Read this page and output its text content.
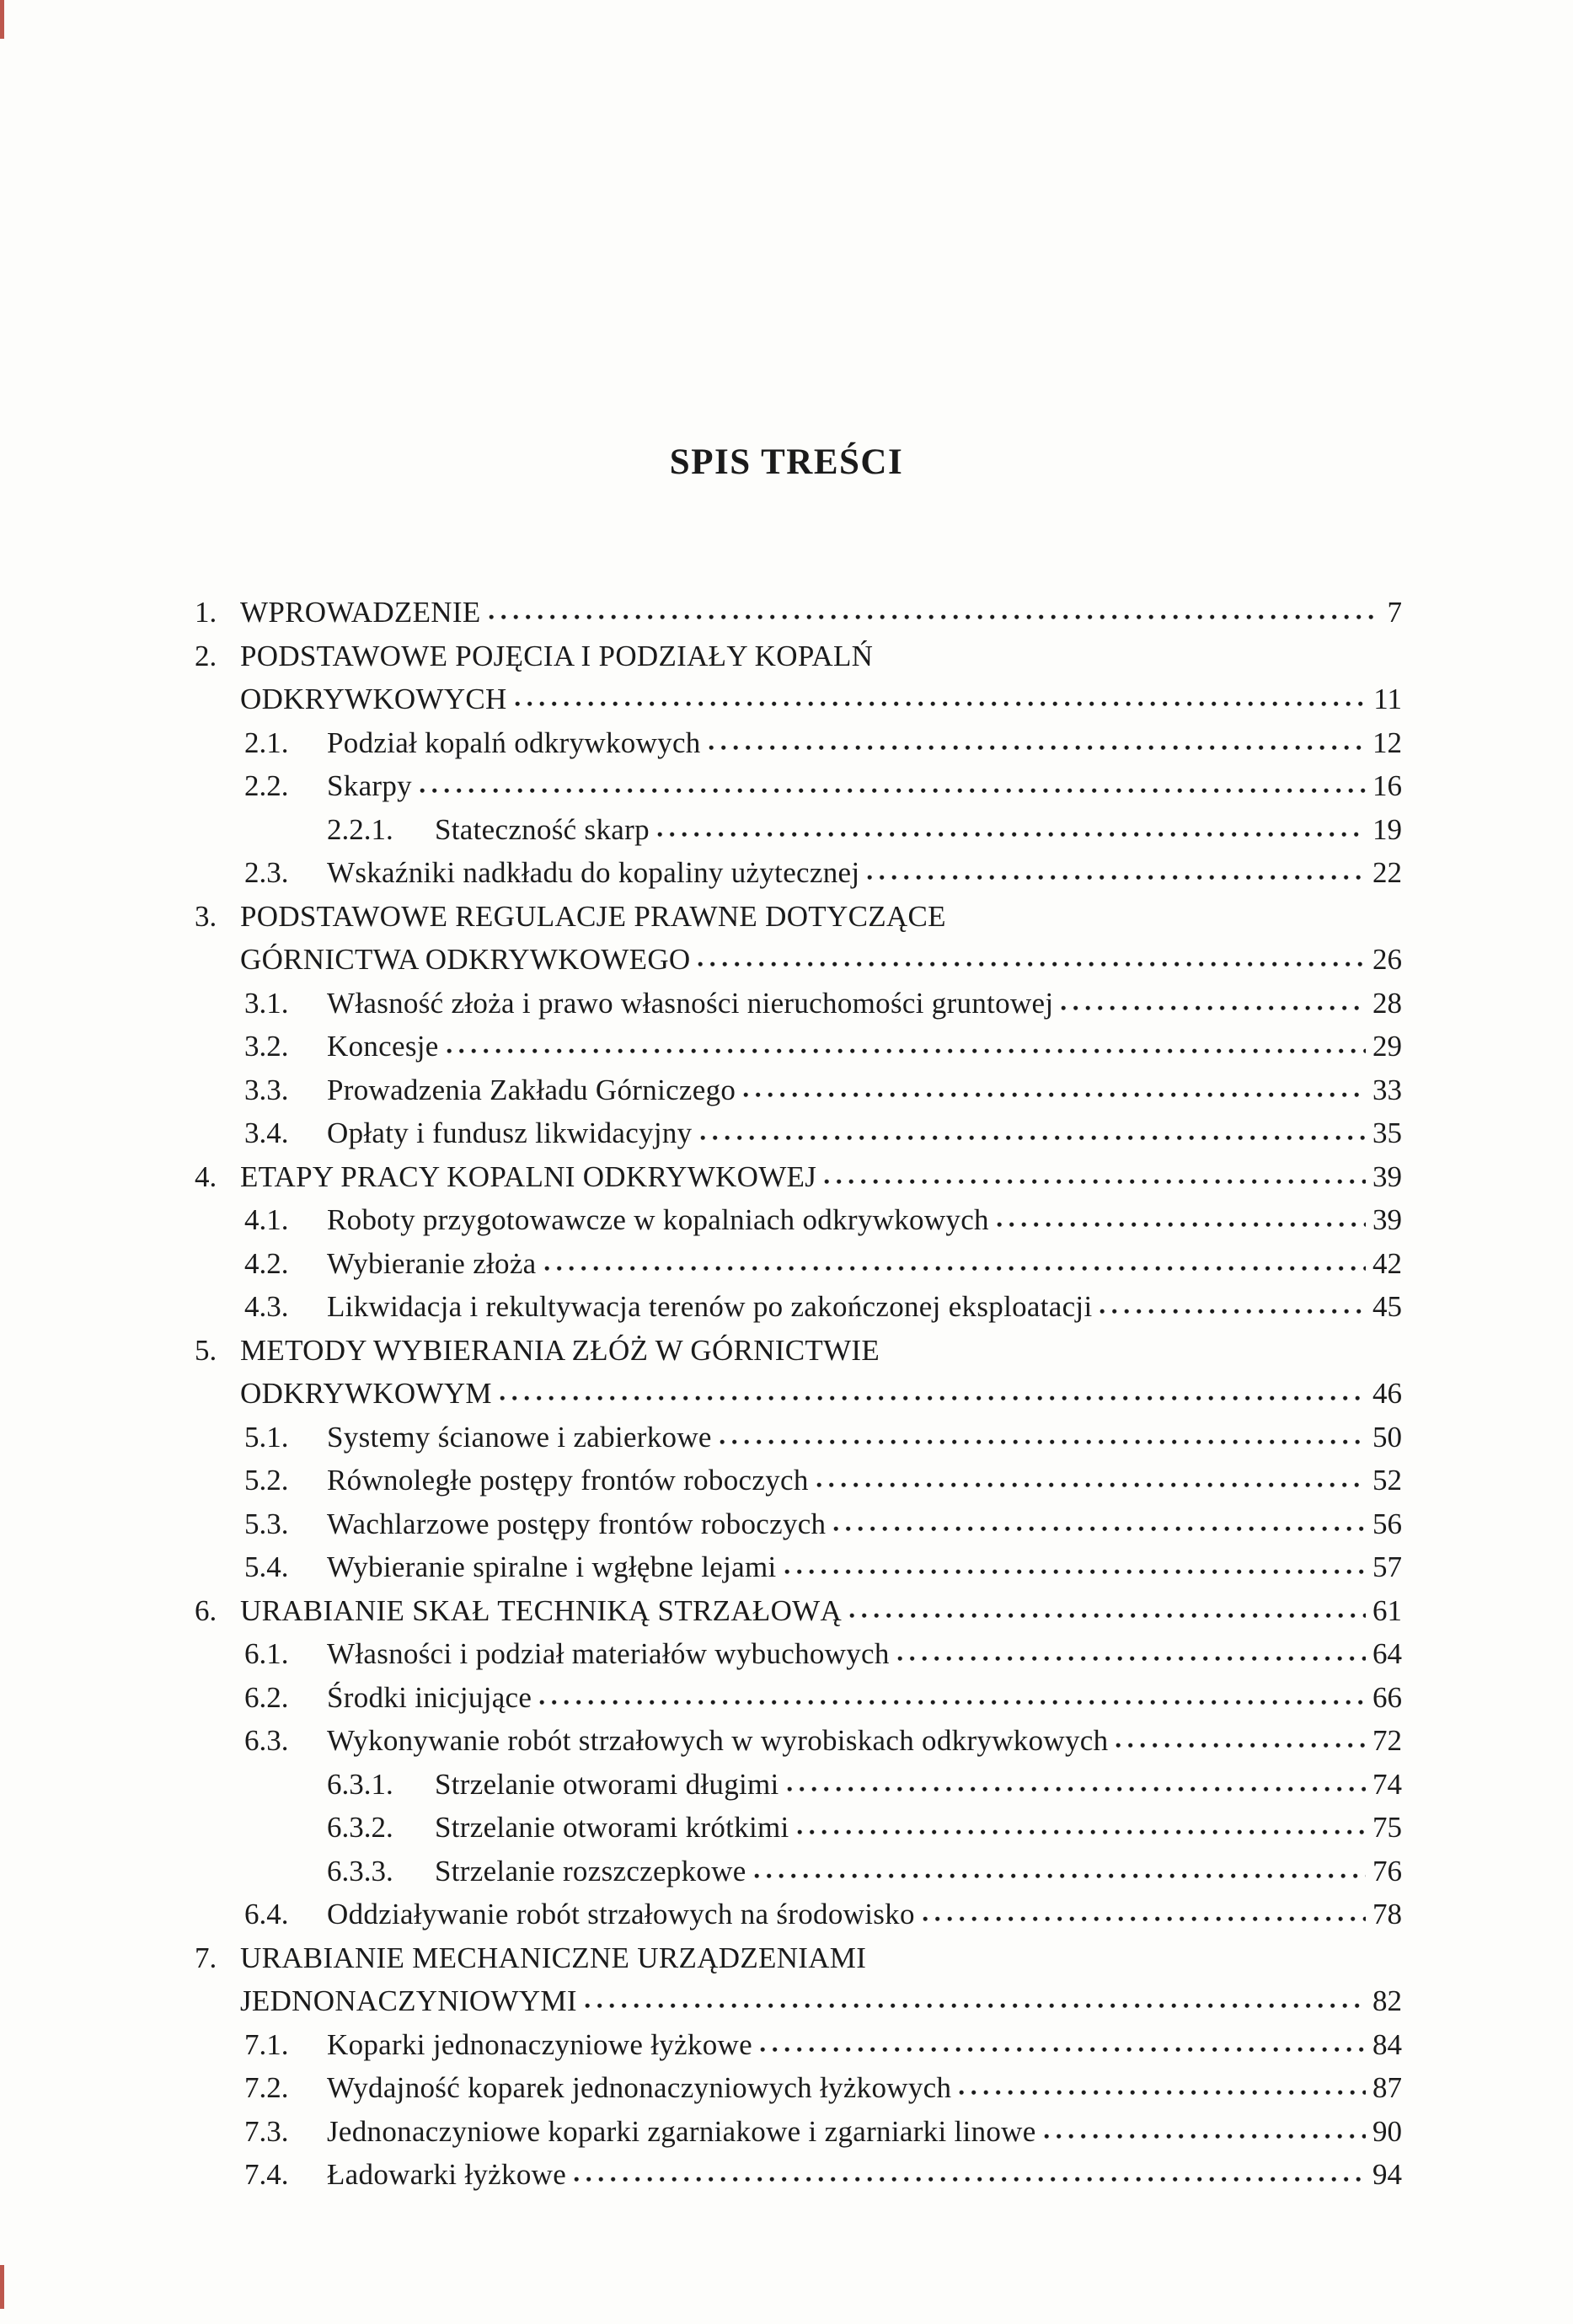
SPIS TREŚCI
1. WPROWADZENIE	7
2. PODSTAWOWE POJĘCIA I PODZIAŁY KOPALŃ
ODKRYWKOWYCH	11
2.1.	Podział kopalń odkrywkowych	12
2.2.	Skarpy	16
2.2.1.	Stateczność skarp	19
2.3.	Wskaźniki nadkładu do kopaliny użytecznej	22
3. PODSTAWOWE REGULACJE PRAWNE DOTYCZĄCE
GÓRNICTWA ODKRYWKOWEGO	26
3.1.	Własność złoża i prawo własności nieruchomości gruntowej	28
3.2.	Koncesje	29
3.3.	Prowadzenia Zakładu Górniczego	33
3.4.	Opłaty i fundusz likwidacyjny	35
4. ETAPY PRACY KOPALNI ODKRYWKOWEJ	39
4.1.	Roboty przygotowawcze w kopalniach odkrywkowych	39
4.2.	Wybieranie złoża	42
4.3.	Likwidacja i rekultywacja terenów po zakończonej eksploatacji	45
5. METODY WYBIERANIA ZŁÓŻ W GÓRNICTWIE
ODKRYWKOWYM	46
5.1.	Systemy ścianowe i zabierkowe	50
5.2.	Równoległe postępy frontów roboczych	52
5.3.	Wachlarzowe postępy frontów roboczych	56
5.4.	Wybieranie spiralne i wgłębne lejami	57
6. URABIANIE SKAŁ TECHNIKĄ STRZAŁOWĄ	61
6.1.	Własności i podział materiałów wybuchowych	64
6.2.	Środki inicjujące	66
6.3.	Wykonywanie robót strzałowych w wyrobiskach odkrywkowych	72
6.3.1.	Strzelanie otworami długimi	74
6.3.2.	Strzelanie otworami krótkimi	75
6.3.3.	Strzelanie rozszczepkowe	76
6.4.	Oddziaływanie robót strzałowych na środowisko	78
7. URABIANIE MECHANICZNE URZĄDZENIAMI
JEDNONACZYNIOWYMI	82
7.1.	Koparki jednonaczyniowe łyżkowe	84
7.2.	Wydajność koparek jednonaczyniowych łyżkowych	87
7.3.	Jednonaczyniowe koparki zgarniakowe i zgarniarki linowe	90
7.4.	Ładowarki łyżkowe	94
